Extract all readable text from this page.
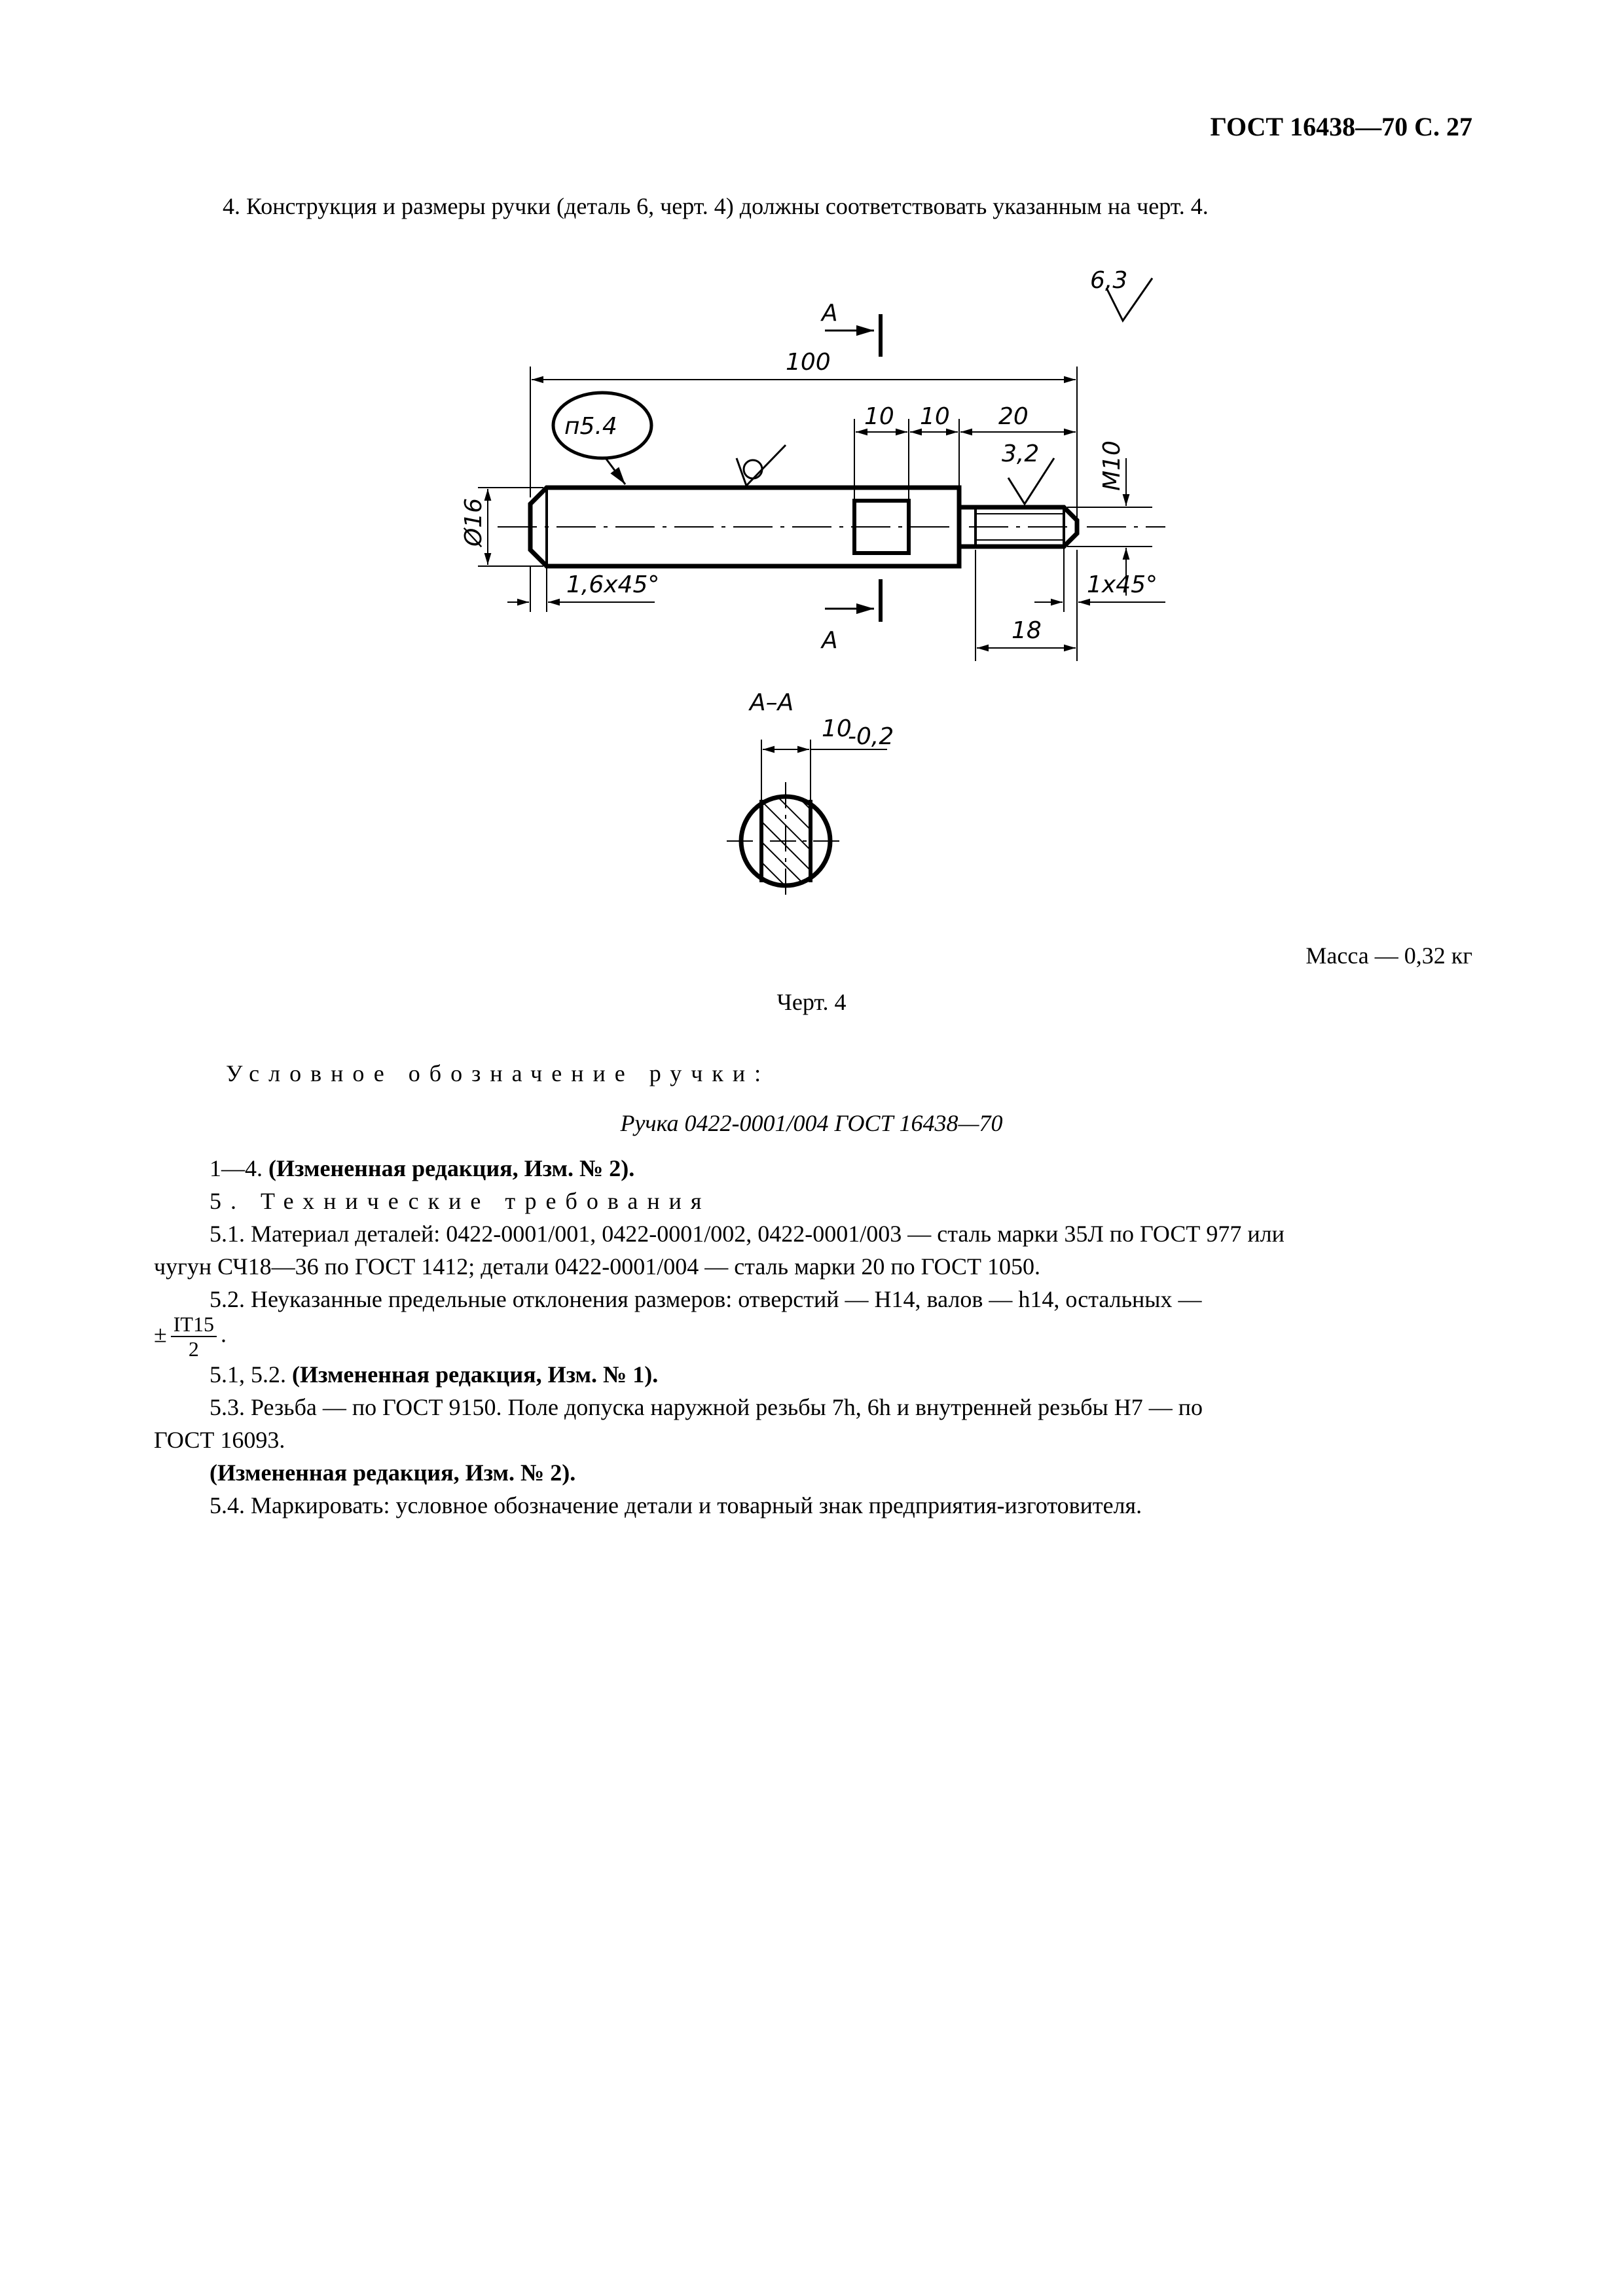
ГОСТ 16438—70 С. 27
4. Конструкция и размеры ручки (деталь 6, черт. 4) должны соответствовать указанным на черт. 4.
A
A
100
10 10 20
п5.4
3,2
6,3
М10
Ø16
1,6x45°	1x45°
18
А–А
10
-0,2
Масса — 0,32 кг
Черт. 4
Условное обозначение ручки:
Ручка 0422-0001/004 ГОСТ 16438—70
1—4. (Измененная редакция, Изм. № 2).
5. Технические требования
5.1. Материал деталей: 0422-0001/001, 0422-0001/002, 0422-0001/003 — сталь марки 35Л по ГОСТ 977 или
чугун СЧ18—36 по ГОСТ 1412; детали 0422-0001/004 — сталь марки 20 по ГОСТ 1050.
5.2. Неуказанные предельные отклонения размеров: отверстий — Н14, валов — h14, остальных —
± $\frac{IT15}{2}$ .
5.1, 5.2. (Измененная редакция, Изм. № 1).
5.3. Резьба — по ГОСТ 9150. Поле допуска наружной резьбы 7h, 6h и внутренней резьбы Н7 — по
ГОСТ 16093.
(Измененная редакция, Изм. № 2).
5.4. Маркировать: условное обозначение детали и товарный знак предприятия-изготовителя.
